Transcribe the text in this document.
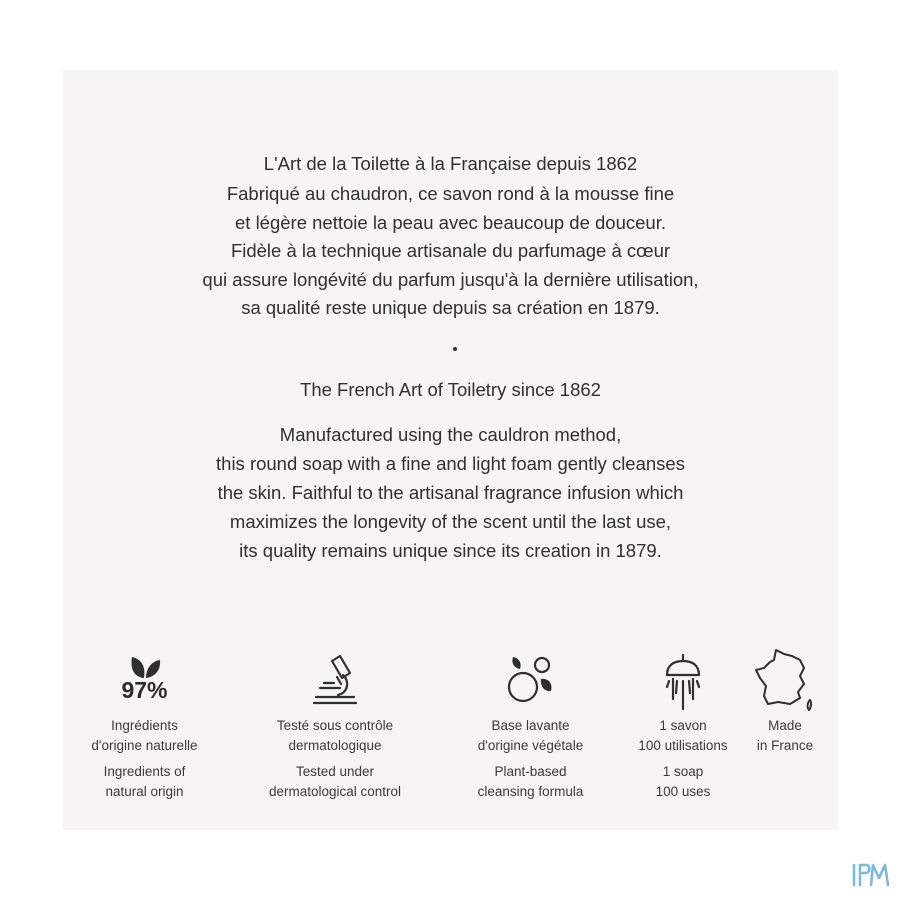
L'Art de la Toilette à la Française depuis 1862
Fabriqué au chaudron, ce savon rond à la mousse fine
et légère nettoie la peau avec beaucoup de douceur.
Fidèle à la technique artisanale du parfumage à cœur
qui assure longévité du parfum jusqu'à la dernière utilisation,
sa qualité reste unique depuis sa création en 1879.
The French Art of Toiletry since 1862
Manufactured using the cauldron method,
this round soap with a fine and light foam gently cleanses
the skin. Faithful to the artisanal fragrance infusion which
maximizes the longevity of the scent until the last use,
its quality remains unique since its creation in 1879.
97%
Ingrédients
d'origine naturelle
Ingredients of
natural origin
Testé sous contrôle
dermatologique
Tested under
dermatological control
Base lavante
d'origine végétale
Plant-based
cleansing formula
1 savon
100 utilisations
1 soap
100 uses
Made
in France
